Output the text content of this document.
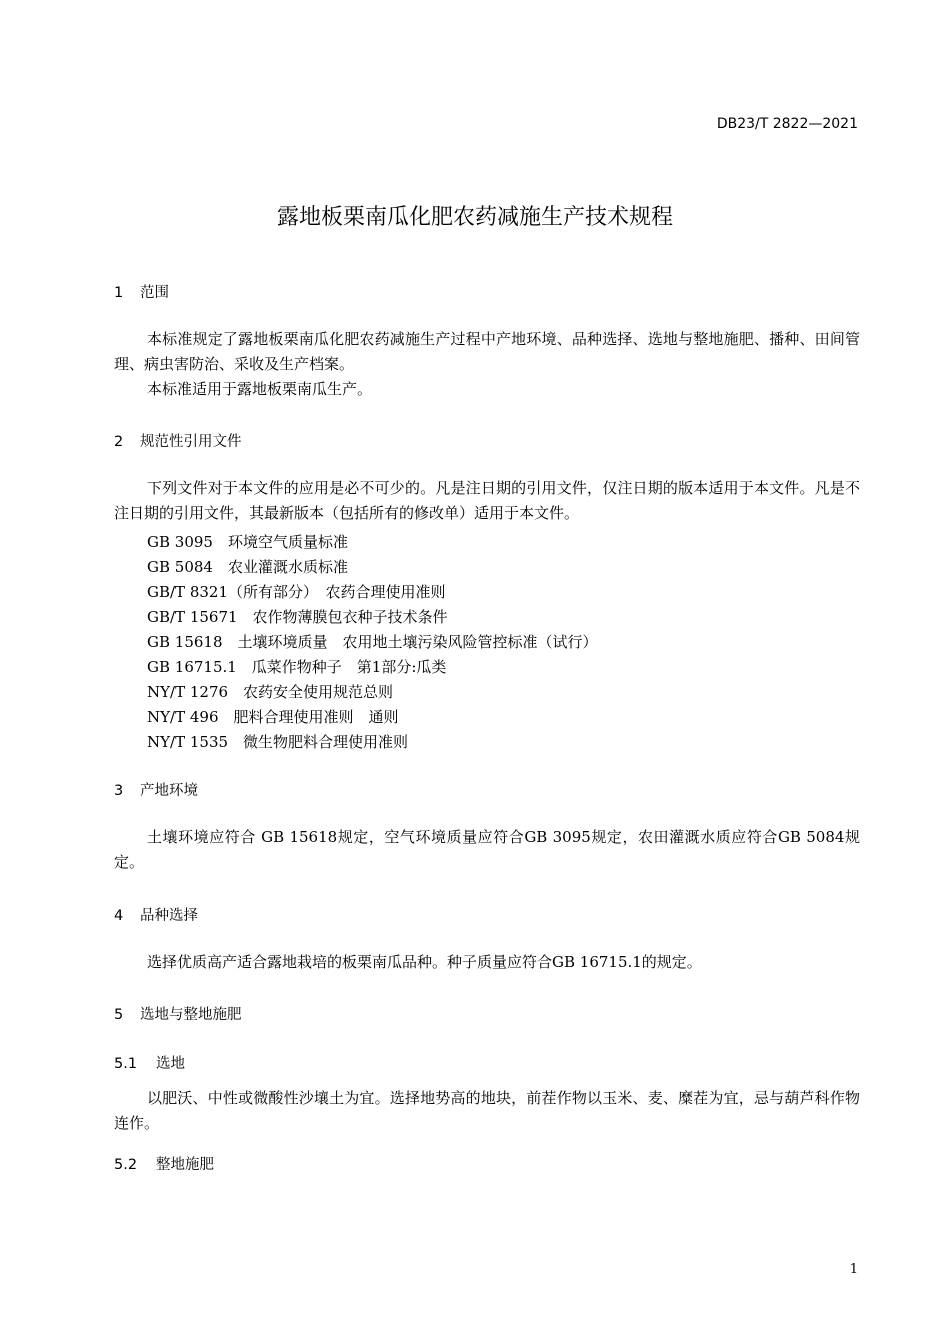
DB23/T 2822—2021
露地板栗南瓜化肥农药减施生产技术规程
1 范围
本标准规定了露地板栗南瓜化肥农药减施生产过程中产地环境、品种选择、选地与整地施肥、播种、田间管理、病虫害防治、采收及生产档案。
本标准适用于露地板栗南瓜生产。
2 规范性引用文件
下列文件对于本文件的应用是必不可少的。凡是注日期的引用文件，仅注日期的版本适用于本文件。凡是不注日期的引用文件，其最新版本（包括所有的修改单）适用于本文件。
GB 3095　环境空气质量标准
GB 5084　农业灌溉水质标准
GB/T 8321（所有部分）　农药合理使用准则
GB/T 15671　农作物薄膜包衣种子技术条件
GB 15618　土壤环境质量　农用地土壤污染风险管控标准（试行）
GB 16715.1　瓜菜作物种子　第1部分:瓜类
NY/T 1276　农药安全使用规范总则
NY/T 496　肥料合理使用准则　通则
NY/T 1535　微生物肥料合理使用准则
3 产地环境
土壤环境应符合 GB 15618规定，空气环境质量应符合GB 3095规定，农田灌溉水质应符合GB 5084规定。
4 品种选择
选择优质高产适合露地栽培的板栗南瓜品种。种子质量应符合GB 16715.1的规定。
5 选地与整地施肥
5.1 选地
以肥沃、中性或微酸性沙壤土为宜。选择地势高的地块，前茬作物以玉米、麦、糜茬为宜，忌与葫芦科作物连作。
5.2 整地施肥
1
